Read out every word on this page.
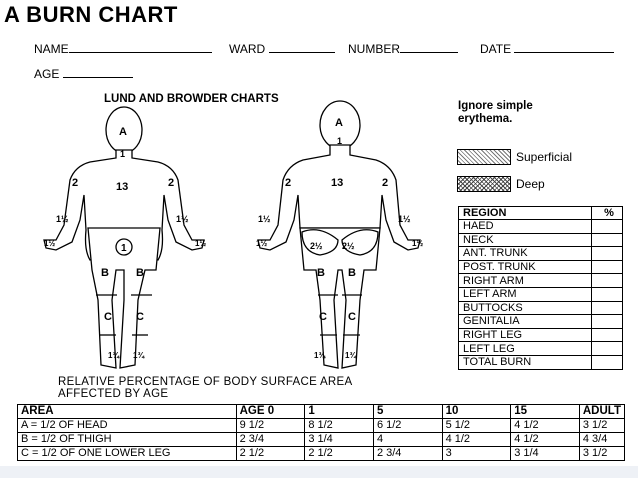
A BURN CHART
NAME	WARD	NUMBER	DATE
AGE
LUND AND BROWDER CHARTS
Ignore simple erythema.
Superficial
Deep
A
1
13
2	2
1½	1½
1½	1½
1
B B
C C
1¾ 1¾
A
1
13
2	2
1½	1½
1½	1½
2½ 2½
B B
C C
1¾ 1¾
REGION	%
HAED	
NECK	
ANT. TRUNK	
POST. TRUNK	
RIGHT ARM	
LEFT ARM	
BUTTOCKS	
GENITALIA	
RIGHT LEG	
LEFT LEG	
TOTAL BURN	
RELATIVE PERCENTAGE OF BODY SURFACE AREA
AFFECTED BY AGE
AREA	AGE 0	1	5	10	15	ADULT
A = 1/2 OF HEAD	9 1/2	8 1/2	6 1/2	5 1/2	4 1/2	3 1/2
B = 1/2 OF THIGH	2 3/4	3 1/4	4	4 1/2	4 1/2	4 3/4
C = 1/2 OF ONE LOWER LEG	2 1/2	2 1/2	2 3/4	3	3 1/4	3 1/2
